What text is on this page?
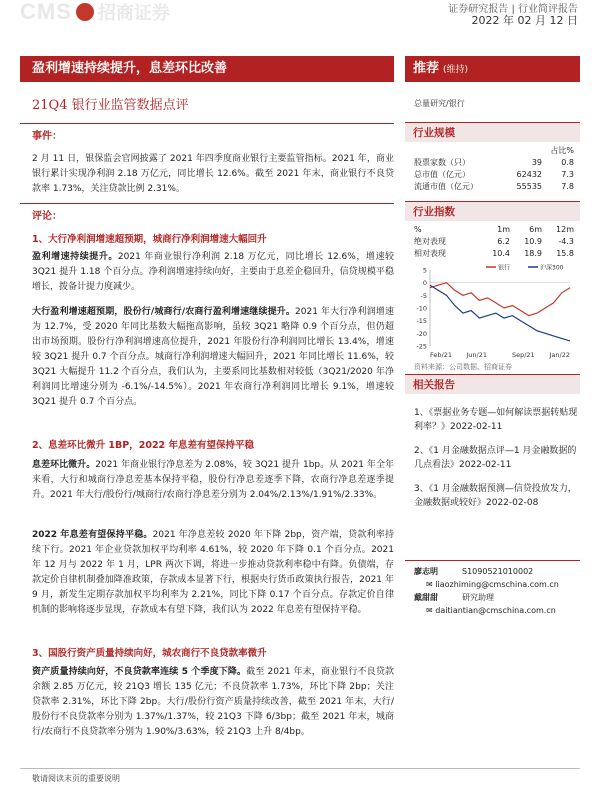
CMS 招商证券	证券研究报告 | 行业简评报告
2022 年 02 月 12 日
盈利增速持续提升，息差环比改善	推荐 (维持)
21Q4 银行业监管数据点评	总量研究/银行
事件：
2 月 11 日，银保监会官网披露了 2021 年四季度商业银行主要监管指标。2021 年，商业银行累计实现净利润 2.18 万亿元，同比增长 12.6%。截至 2021 年末，商业银行不良贷款率 1.73%，关注贷款比例 2.31%。
评论：
1、大行净利润增速超预期，城商行净利润增速大幅回升
盈利增速持续提升。2021 年商业银行净利润 2.18 万亿元，同比增长 12.6%，增速较 3Q21 提升 1.18 个百分点。净利润增速持续向好，主要由于息差企稳回升，信贷规模平稳增长，拨备计提力度减少。
大行盈利增速超预期，股份行/城商行/农商行盈利增速继续提升。2021 年大行净利润增速为 12.7%，受 2020 年同比基数大幅拖高影响，虽较 3Q21 略降 0.9 个百分点，但仍超出市场预期。股份行净利润增速高位提升，2021 年股份行净利润同比增长 13.4%，增速较 3Q21 提升 0.7 个百分点。城商行净利润增速大幅回升，2021 年同比增长 11.6%，较 3Q21 大幅提升 11.2 个百分点，我们认为，主要系同比基数相对较低（3Q21/2020 年净利润同比增速分别为 -6.1%/-14.5%）。2021 年农商行净利润同比增长 9.1%，增速较 3Q21 提升 0.7 个百分点。
2、息差环比微升 1BP，2022 年息差有望保持平稳
息差环比微升。2021 年商业银行净息差为 2.08%，较 3Q21 提升 1bp。从 2021 年全年来看，大行和城商行净息差基本保持平稳，股份行净息差逐季下降，农商行净息差逐季提升。2021 年大行/股份行/城商行/农商行净息差分别为 2.04%/2.13%/1.91%/2.33%。
2022 年息差有望保持平稳。2021 年净息差较 2020 年下降 2bp，资产端，贷款利率持续下行。2021 年企业贷款加权平均利率 4.61%，较 2020 年下降 0.1 个百分点。2021 年 12 月与 2022 年 1 月，LPR 两次下调，将进一步推动贷款利率稳中有降。负债端，存款定价自律机制叠加降准政策，存款成本显著下行，根据央行货币政策执行报告，2021 年 9 月，新发生定期存款加权平均利率为 2.21%，同比下降 0.17 个百分点。存款定价自律机制的影响将逐步显现，存款成本有望下降，我们认为 2022 年息差有望保持平稳。
3、国股行资产质量持续向好，城农商行不良贷款率微升
资产质量持续向好，不良贷款率连续 5 个季度下降。截至 2021 年末，商业银行不良贷款余额 2.85 万亿元，较 21Q3 增长 135 亿元；不良贷款率 1.73%，环比下降 2bp；关注贷款率 2.31%，环比下降 2bp。大行/股份行资产质量持续改善，截至 2021 年末，大行/股份行不良贷款率分别为 1.37%/1.37%，较 21Q3 下降 6/3bp；截至 2021 年末，城商行/农商行不良贷款率分别为 1.90%/3.63%，较 21Q3 上升 8/4bp。
行业规模
占比%
股票家数（只）	39	0.8
总市值（亿元）	62432	7.3
流通市值（亿元）	55535	7.8
行业指数
%	1m	6m	12m
绝对表现	6.2	10.9	-4.3
相对表现	10.4	18.9	15.8
5
0
-5
-10
-15
-20
-25
Feb/21 Jun/21	Sep/21 Jan/22
银行	沪深300
资料来源：公司数据、招商证券
相关报告
1、《票据业务专题—如何解读票据转贴现利率？》2022-02-11
2、《1 月金融数据点评—1 月金融数据的几点看法》2022-02-11
3、《1 月金融数据预测—信贷投放发力，金融数据或较好》2022-02-08
廖志明	S1090521010002
✉ liaozhiming@cmschina.com.cn
戴甜甜	研究助理
✉ daitiantian@cmschina.com.cn
敬请阅读末页的重要说明
